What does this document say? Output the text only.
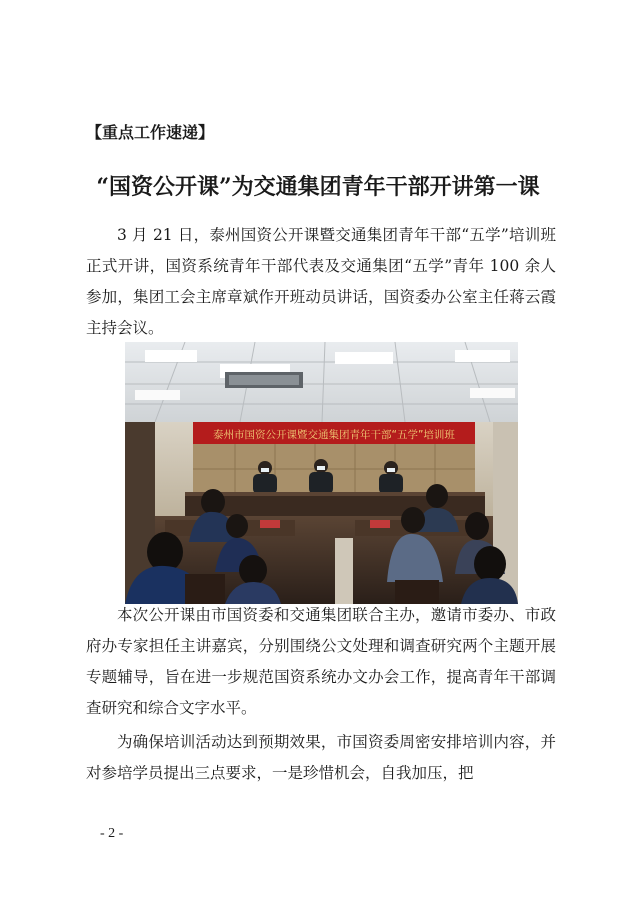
【重点工作速递】
“国资公开课”为交通集团青年干部开讲第一课

3 月 21 日，泰州国资公开课暨交通集团青年干部“五学”培训班正式开讲，国资系统青年干部代表及交通集团“五学”青年 100 余人参加，集团工会主席章斌作开班动员讲话，国资委办公室主任蒋云霞主持会议。

泰州市国资公开课暨交通集团青年干部“五学”培训班

本次公开课由市国资委和交通集团联合主办，邀请市委办、市政府办专家担任主讲嘉宾，分别围绕公文处理和调查研究两个主题开展专题辅导，旨在进一步规范国资系统办文办会工作，提高青年干部调查研究和综合文字水平。

为确保培训活动达到预期效果，市国资委周密安排培训内容，并对参培学员提出三点要求，一是珍惜机会，自我加压，把

- 2 -
